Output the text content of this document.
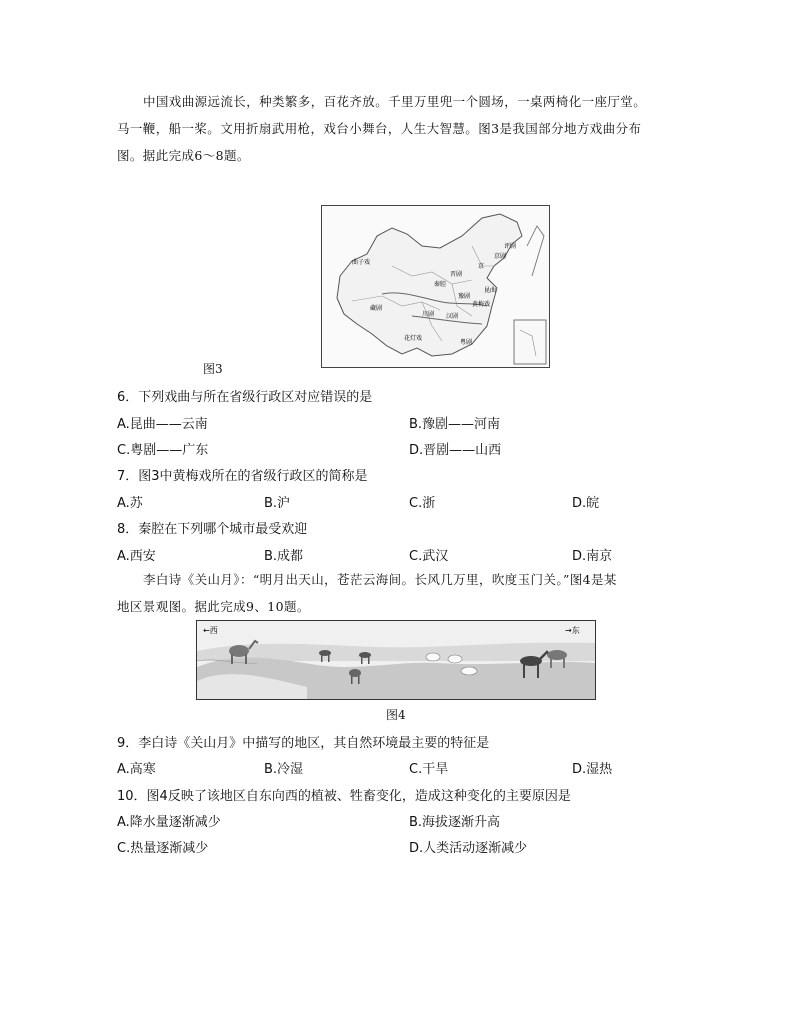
中国戏曲源远流长，种类繁多，百花齐放。千里万里兜一个圆场，一桌两椅化一座厅堂。
马一鞭，船一桨。文用折扇武用枪，戏台小舞台，人生大智慧。图3是我国部分地方戏曲分布
图。据此完成6～8题。
曲子戏
秦腔
晋剧
豫剧
京剧
黄梅戏
藏剧
川剧
花灯戏
粤剧
京
汉剧
评剧
昆曲
图3
6．下列戏曲与所在省级行政区对应错误的是
A.昆曲——云南	B.豫剧——河南
C.粤剧——广东	D.晋剧——山西
7．图3中黄梅戏所在的省级行政区的简称是
A.苏	B.沪	C.浙	D.皖
8．秦腔在下列哪个城市最受欢迎
A.西安	B.成都	C.武汉	D.南京
李白诗《关山月》：“明月出天山，苍茫云海间。长风几万里，吹度玉门关。”图4是某
地区景观图。据此完成9、10题。
←西	→东
图4
9．李白诗《关山月》中描写的地区，其自然环境最主要的特征是
A.高寒	B.冷湿	C.干旱	D.湿热
10．图4反映了该地区自东向西的植被、牲畜变化，造成这种变化的主要原因是
A.降水量逐渐减少	B.海拔逐渐升高
C.热量逐渐减少	D.人类活动逐渐减少
